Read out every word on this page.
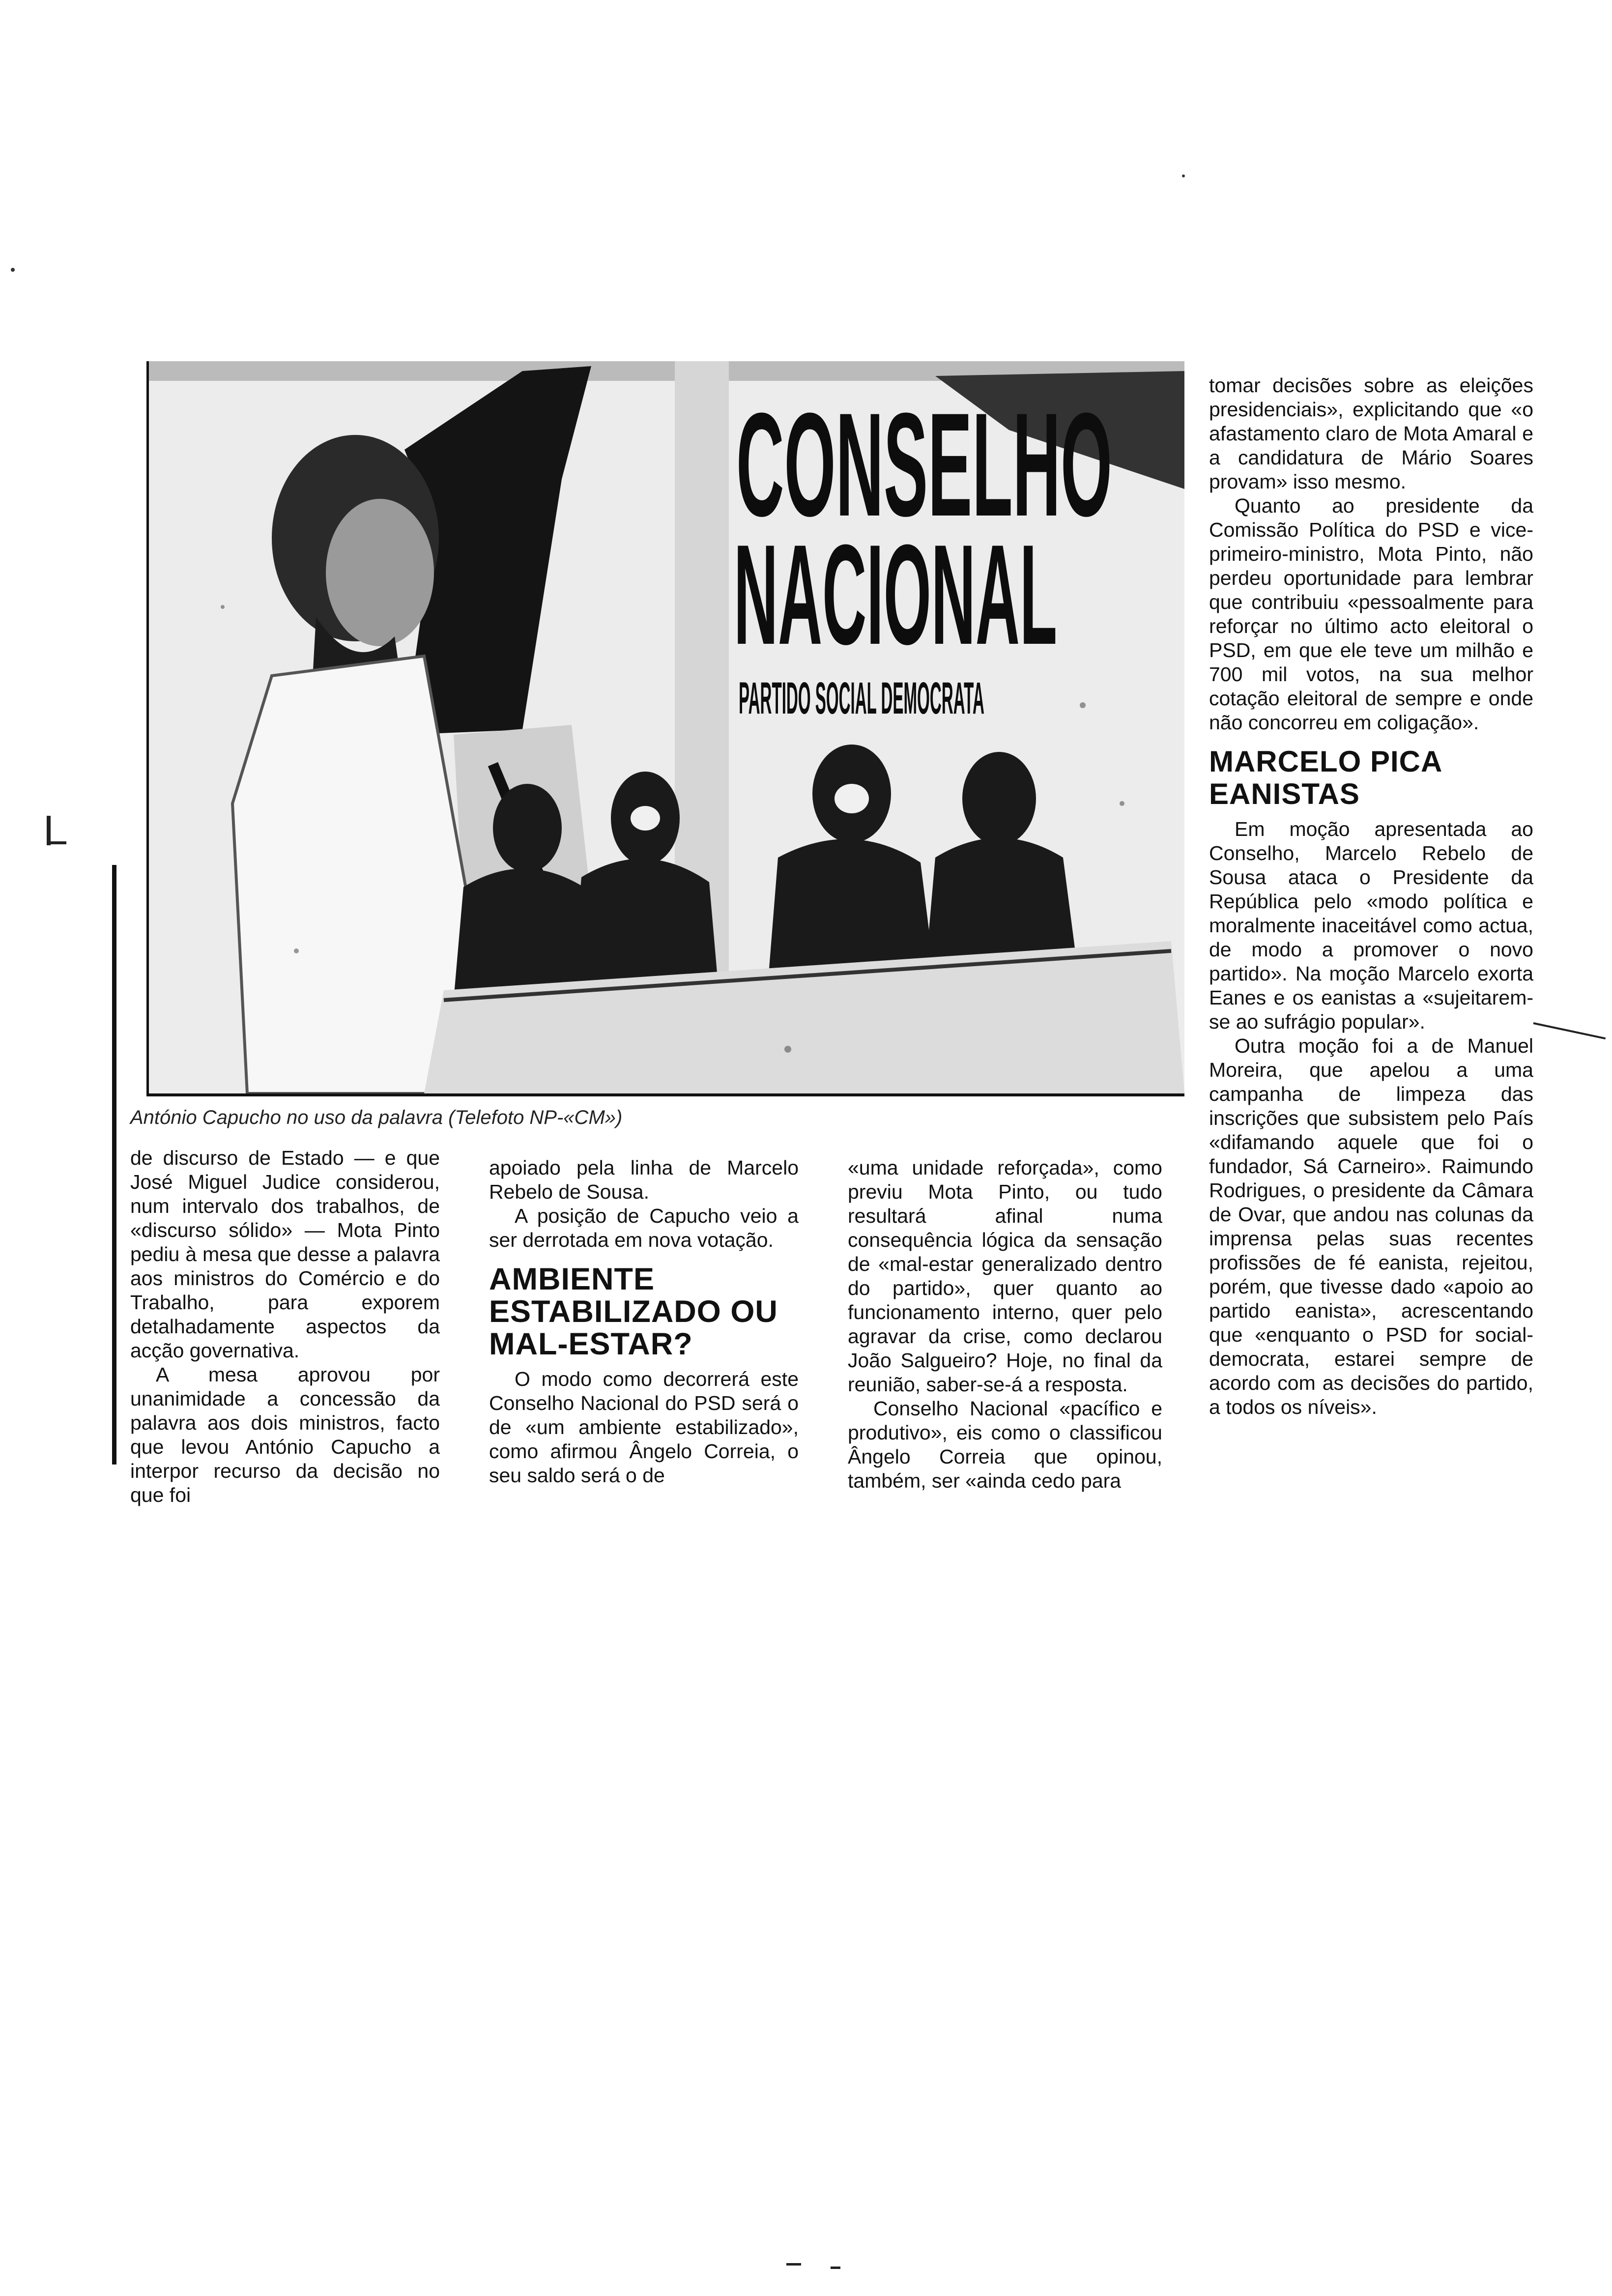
CONSELHO
NACIONAL
PARTIDO SOCIAL DEMOCRATA
António Capucho no uso da palavra (Telefoto NP-«CM»)

de discurso de Estado — e que José Miguel Judice considerou, num intervalo dos trabalhos, de «discurso sólido» — Mota Pinto pediu à mesa que desse a palavra aos ministros do Comércio e do Trabalho, para exporem detalhadamente aspectos da acção governativa.

A mesa aprovou por unanimidade a concessão da palavra aos dois ministros, facto que levou António Capucho a interpor recurso da decisão no que foi

apoiado pela linha de Marcelo Rebelo de Sousa.

A posição de Capucho veio a ser derrotada em nova votação.

AMBIENTE ESTABILIZADO OU MAL-ESTAR?

O modo como decorrerá este Conselho Nacional do PSD será o de «um ambiente estabilizado», como afirmou Ângelo Correia, o seu saldo será o de

«uma unidade reforçada», como previu Mota Pinto, ou tudo resultará afinal numa consequência lógica da sensação de «mal-estar generalizado dentro do partido», quer quanto ao funcionamento interno, quer pelo agravar da crise, como declarou João Salgueiro? Hoje, no final da reunião, saber-se-á a resposta.

Conselho Nacional «pacífico e produtivo», eis como o classificou Ângelo Correia que opinou, também, ser «ainda cedo para

tomar decisões sobre as eleições presidenciais», explicitando que «o afastamento claro de Mota Amaral e a candidatura de Mário Soares provam» isso mesmo.

Quanto ao presidente da Comissão Política do PSD e vice-primeiro-ministro, Mota Pinto, não perdeu oportunidade para lembrar que contribuiu «pessoalmente para reforçar no último acto eleitoral o PSD, em que ele teve um milhão e 700 mil votos, na sua melhor cotação eleitoral de sempre e onde não concorreu em coligação».

MARCELO PICA EANISTAS

Em moção apresentada ao Conselho, Marcelo Rebelo de Sousa ataca o Presidente da República pelo «modo política e moralmente inaceitável como actua, de modo a promover o novo partido». Na moção Marcelo exorta Eanes e os eanistas a «sujeitarem-se ao sufrágio popular».

Outra moção foi a de Manuel Moreira, que apelou a uma campanha de limpeza das inscrições que subsistem pelo País «difamando aquele que foi o fundador, Sá Carneiro». Raimundo Rodrigues, o presidente da Câmara de Ovar, que andou nas colunas da imprensa pelas suas recentes profissões de fé eanista, rejeitou, porém, que tivesse dado «apoio ao partido eanista», acrescentando que «enquanto o PSD for social-democrata, estarei sempre de acordo com as decisões do partido, a todos os níveis».
